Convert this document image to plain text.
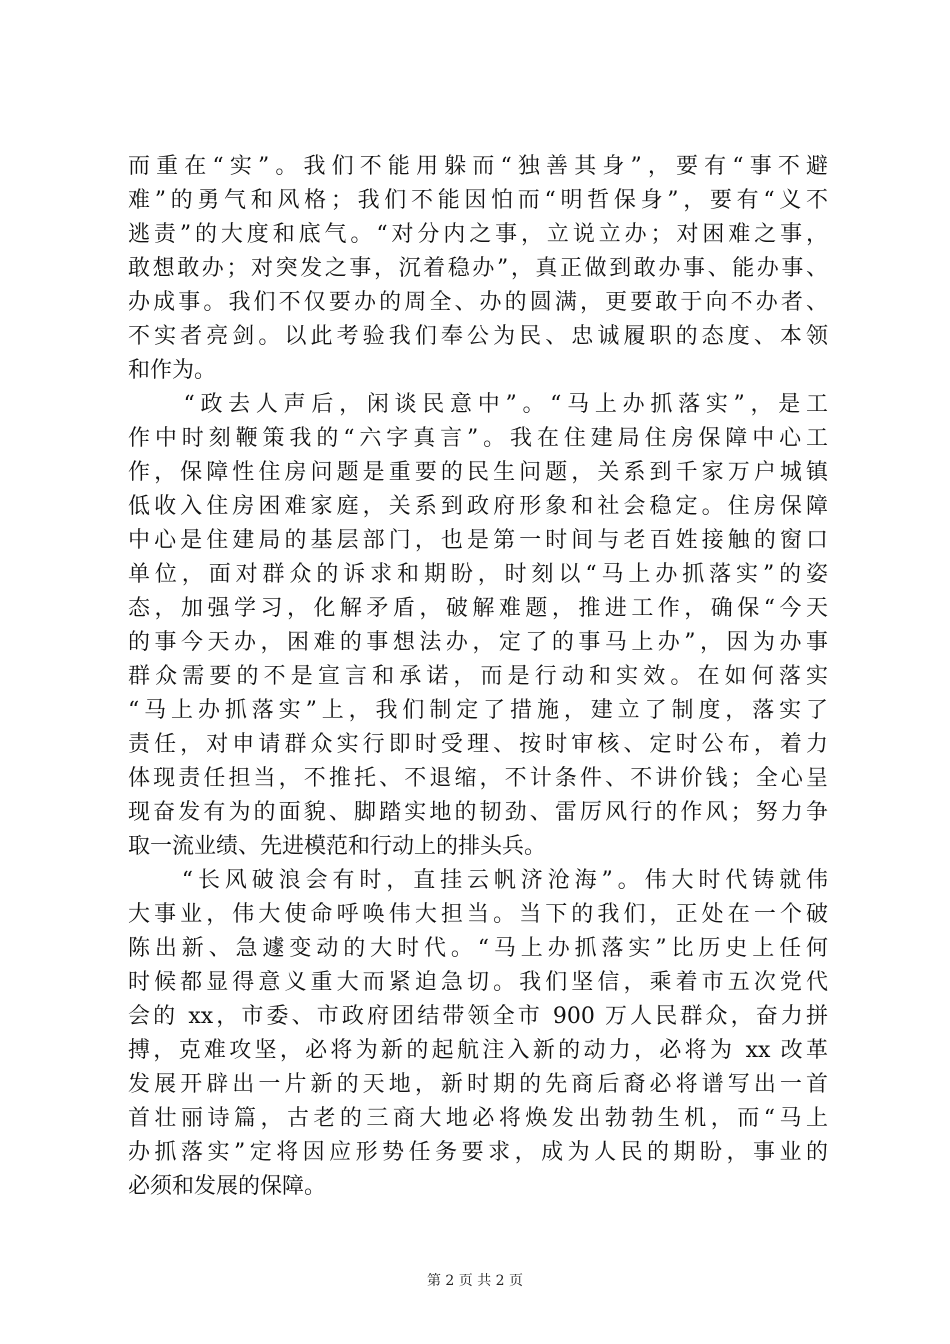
而重在“实”。我们不能用躲而“独善其身”，要有“事不避
难”的勇气和风格；我们不能因怕而“明哲保身”，要有“义不
逃责”的大度和底气。“对分内之事，立说立办；对困难之事，
敢想敢办；对突发之事，沉着稳办”，真正做到敢办事、能办事、
办成事。我们不仅要办的周全、办的圆满，更要敢于向不办者、
不实者亮剑。以此考验我们奉公为民、忠诚履职的态度、本领
和作为。
　　“政去人声后，闲谈民意中”。“马上办抓落实”，是工
作中时刻鞭策我的“六字真言”。我在住建局住房保障中心工
作，保障性住房问题是重要的民生问题，关系到千家万户城镇
低收入住房困难家庭，关系到政府形象和社会稳定。住房保障
中心是住建局的基层部门，也是第一时间与老百姓接触的窗口
单位，面对群众的诉求和期盼，时刻以“马上办抓落实”的姿
态，加强学习，化解矛盾，破解难题，推进工作，确保“今天
的事今天办，困难的事想法办，定了的事马上办”，因为办事
群众需要的不是宣言和承诺，而是行动和实效。在如何落实
“马上办抓落实”上，我们制定了措施，建立了制度，落实了
责任，对申请群众实行即时受理、按时审核、定时公布，着力
体现责任担当，不推托、不退缩，不计条件、不讲价钱；全心呈
现奋发有为的面貌、脚踏实地的韧劲、雷厉风行的作风；努力争
取一流业绩、先进模范和行动上的排头兵。
　　“长风破浪会有时，直挂云帆济沧海”。伟大时代铸就伟
大事业，伟大使命呼唤伟大担当。当下的我们，正处在一个破
陈出新、急遽变动的大时代。“马上办抓落实”比历史上任何
时候都显得意义重大而紧迫急切。我们坚信，乘着市五次党代
会的 xx，市委、市政府团结带领全市 900 万人民群众，奋力拼
搏，克难攻坚，必将为新的起航注入新的动力，必将为 xx 改革
发展开辟出一片新的天地，新时期的先商后裔必将谱写出一首
首壮丽诗篇，古老的三商大地必将焕发出勃勃生机，而“马上
办抓落实”定将因应形势任务要求，成为人民的期盼，事业的
必须和发展的保障。
第 2 页 共 2 页
